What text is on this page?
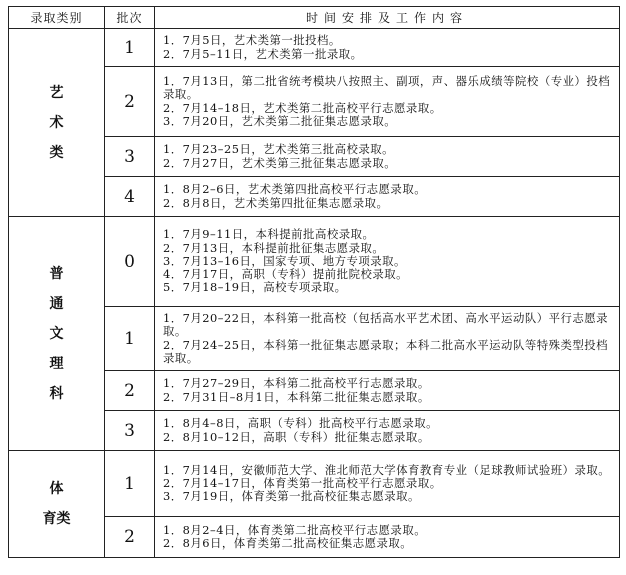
录取类别	批次	时间安排及工作内容

艺
术
类	1	1．7月5日，艺术类第一批投档。
2．7月5–11日，艺术类第一批录取。

	2	1．7月13日，第二批省统考模块八按照主、副项，声、器乐成绩等院校（专业）投档录取。
2．7月14–18日，艺术类第二批高校平行志愿录取。
3．7月20日，艺术类第二批征集志愿录取。

	3	1．7月23–25日，艺术类第三批高校录取。
2．7月27日，艺术类第三批征集志愿录取。

	4	1．8月2–6日，艺术类第四批高校平行志愿录取。
2．8月8日，艺术类第四批征集志愿录取。

普
通
文
理
科	0	1．7月9–11日，本科提前批高校录取。
2．7月13日，本科提前批征集志愿录取。
3．7月13–16日，国家专项、地方专项录取。
4．7月17日，高职（专科）提前批院校录取。
5．7月18–19日，高校专项录取。

	1	1．7月20–22日，本科第一批高校（包括高水平艺术团、高水平运动队）平行志愿录取。
2．7月24–25日，本科第一批征集志愿录取；本科二批高水平运动队等特殊类型投档录取。

	2	1．7月27–29日，本科第二批高校平行志愿录取。
2．7月31日–8月1日，本科第二批征集志愿录取。

	3	1．8月4–8日，高职（专科）批高校平行志愿录取。
2．8月10–12日，高职（专科）批征集志愿录取。

体
育类	1	1．7月14日，安徽师范大学、淮北师范大学体育教育专业（足球教师试验班）录取。
2．7月14–17日，体育类第一批高校平行志愿录取。
3．7月19日，体育类第一批高校征集志愿录取。

	2	1．8月2–4日，体育类第二批高校平行志愿录取。
2．8月6日，体育类第二批高校征集志愿录取。
